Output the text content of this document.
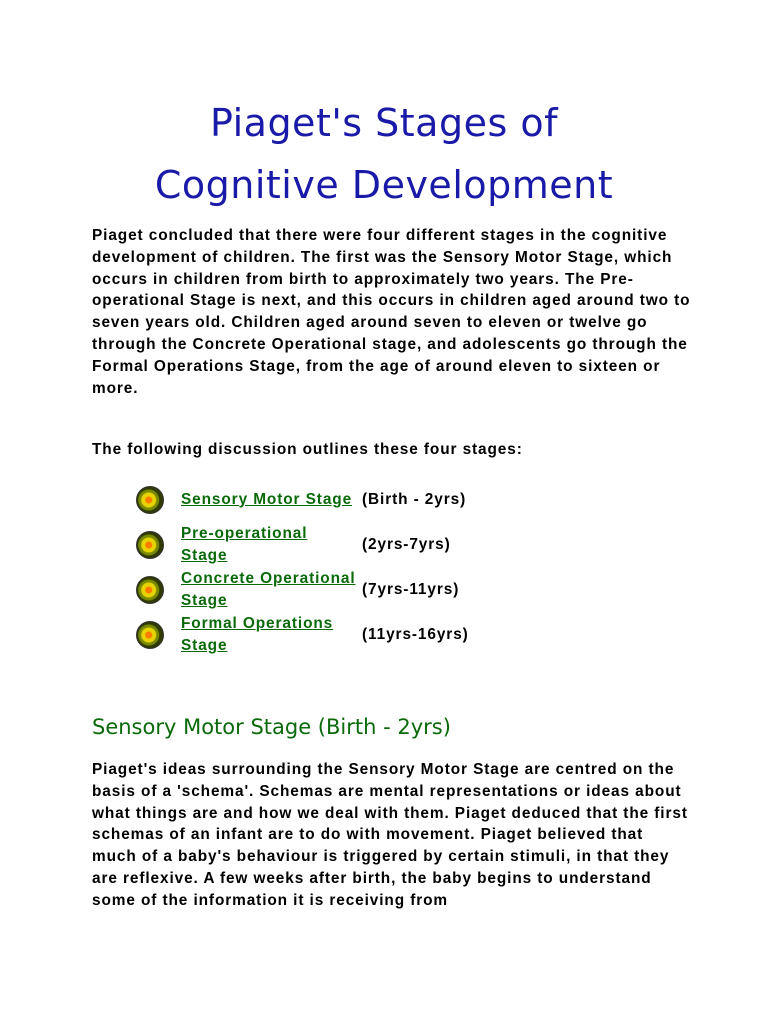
Piaget's Stages of
Cognitive Development

Piaget concluded that there were four different stages in the cognitive development of children. The first was the Sensory Motor Stage, which occurs in children from birth to approximately two years. The Pre-operational Stage is next, and this occurs in children aged around two to seven years old. Children aged around seven to eleven or twelve go through the Concrete Operational stage, and adolescents go through the Formal Operations Stage, from the age of around eleven to sixteen or more.

The following discussion outlines these four stages:

	Sensory Motor Stage	(Birth - 2yrs)
	Pre-operational Stage	(2yrs-7yrs)
	Concrete Operational Stage	(7yrs-11yrs)
	Formal Operations Stage	(11yrs-16yrs)
Sensory Motor Stage (Birth - 2yrs)

Piaget's ideas surrounding the Sensory Motor Stage are centred on the basis of a 'schema'. Schemas are mental representations or ideas about what things are and how we deal with them. Piaget deduced that the first schemas of an infant are to do with movement. Piaget believed that much of a baby's behaviour is triggered by certain stimuli, in that they are reflexive. A few weeks after birth, the baby begins to understand some of the information it is receiving from
